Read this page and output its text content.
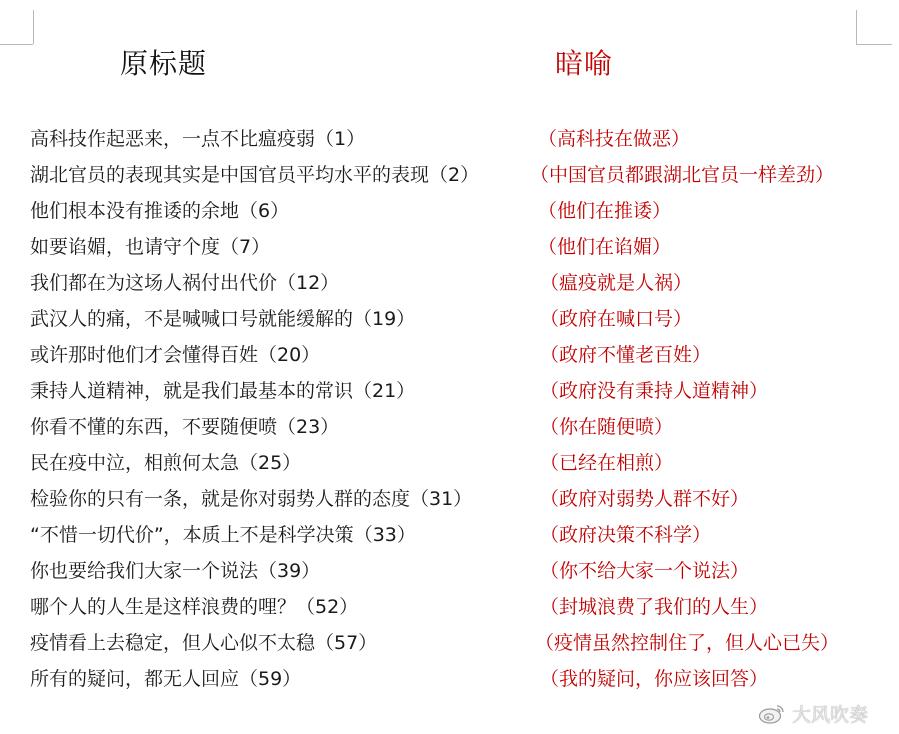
原标题	暗喻
高科技作起恶来，一点不比瘟疫弱（1）	（高科技在做恶）
湖北官员的表现其实是中国官员平均水平的表现（2）	（中国官员都跟湖北官员一样差劲）
他们根本没有推诿的余地（6）	（他们在推诿）
如要谄媚，也请守个度（7）	（他们在谄媚）
我们都在为这场人祸付出代价（12）	（瘟疫就是人祸）
武汉人的痛，不是喊喊口号就能缓解的（19）	（政府在喊口号）
或许那时他们才会懂得百姓（20）	（政府不懂老百姓）
秉持人道精神，就是我们最基本的常识（21）	（政府没有秉持人道精神）
你看不懂的东西，不要随便喷（23）	（你在随便喷）
民在疫中泣，相煎何太急（25）	（已经在相煎）
检验你的只有一条，就是你对弱势人群的态度（31）	（政府对弱势人群不好）
“不惜一切代价”，本质上不是科学决策（33）	（政府决策不科学）
你也要给我们大家一个说法（39）	（你不给大家一个说法）
哪个人的人生是这样浪费的哩？（52）	（封城浪费了我们的人生）
疫情看上去稳定，但人心似不太稳（57）	（疫情虽然控制住了，但人心已失）
所有的疑问，都无人回应（59）	（我的疑问，你应该回答）
大风吹奏
